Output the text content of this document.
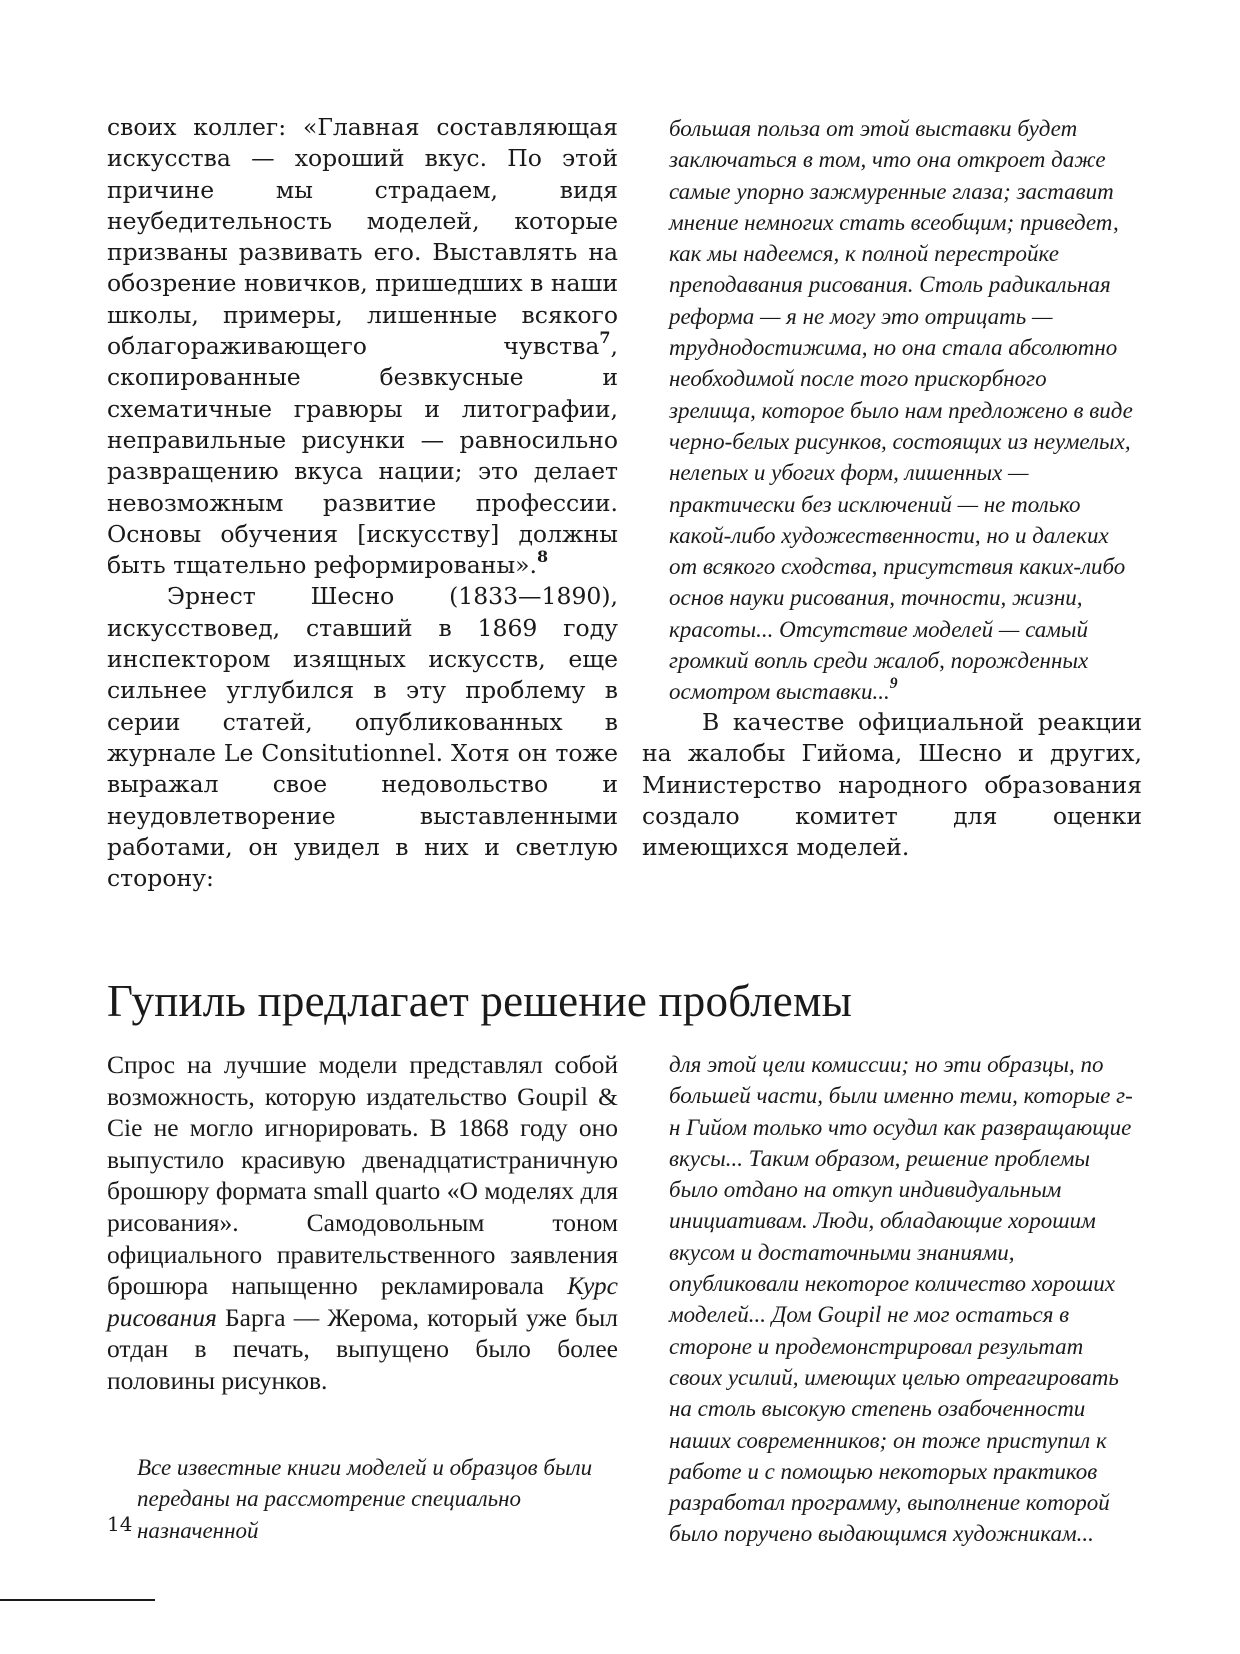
своих коллег: «Главная составляющая искусства — хороший вкус. По этой причине мы страдаем, видя неубедительность моделей, которые призваны развивать его. Выставлять на обозрение новичков, пришедших в наши школы, примеры, лишенные всякого облагораживающего чувства$^7$, скопированные безвкусные и схематичные гравюры и литографии, неправильные рисунки — равносильно развращению вкуса нации; это делает невозможным развитие профессии. Основы обучения [искусству] должны быть тщательно реформированы».$^8$

Эрнест Шесно (1833—1890), искусствовед, ставший в 1869 году инспектором изящных искусств, еще сильнее углубился в эту проблему в серии статей, опубликованных в журнале Le Consitutionnel. Хотя он тоже выражал свое недовольство и неудовлетворение выставленными работами, он увидел в них и светлую сторону:

большая польза от этой выставки будет заключаться в том, что она откроет даже самые упорно зажмуренные глаза; заставит мнение немногих стать всеобщим; приведет, как мы надеемся, к полной перестройке преподавания рисования. Столь радикальная реформа — я не могу это отрицать — труднодостижима, но она стала абсолютно необходимой после того прискорбного зрелища, которое было нам предложено в виде черно-белых рисунков, состоящих из неумелых, нелепых и убогих форм, лишенных — практически без исключений — не только какой-либо художественности, но и далеких от всякого сходства, присутствия каких-либо основ науки рисования, точности, жизни, красоты... Отсутствие моделей — самый громкий вопль среди жалоб, порожденных осмотром выставки...$^9$

В качестве официальной реакции на жалобы Гийома, Шесно и других, Министерство народного образования создало комитет для оценки имеющихся моделей.

Гупиль предлагает решение проблемы

Спрос на лучшие модели представлял собой возможность, которую издательство Goupil & Cie не могло игнорировать. В 1868 году оно выпустило красивую двенадцатистраничную брошюру формата small quarto «О моделях для рисования». Самодовольным тоном официального правительственного заявления брошюра напыщенно рекламировала Курс рисования Барга — Жерома, который уже был отдан в печать, выпущено было более половины рисунков.

Все известные книги моделей и образцов были переданы на рассмотрение специально назначенной

для этой цели комиссии; но эти образцы, по большей части, были именно теми, которые г-н Гийом только что осудил как развращающие вкусы... Таким образом, решение проблемы было отдано на откуп индивидуальным инициативам. Люди, обладающие хорошим вкусом и достаточными знаниями, опубликовали некоторое количество хороших моделей... Дом Goupil не мог остаться в стороне и продемонстрировал результат своих усилий, имеющих целью отреагировать на столь высокую степень озабоченности наших современников; он тоже приступил к работе и с помощью некоторых практиков разработал программу, выполнение которой было поручено выдающимся художникам...

14
